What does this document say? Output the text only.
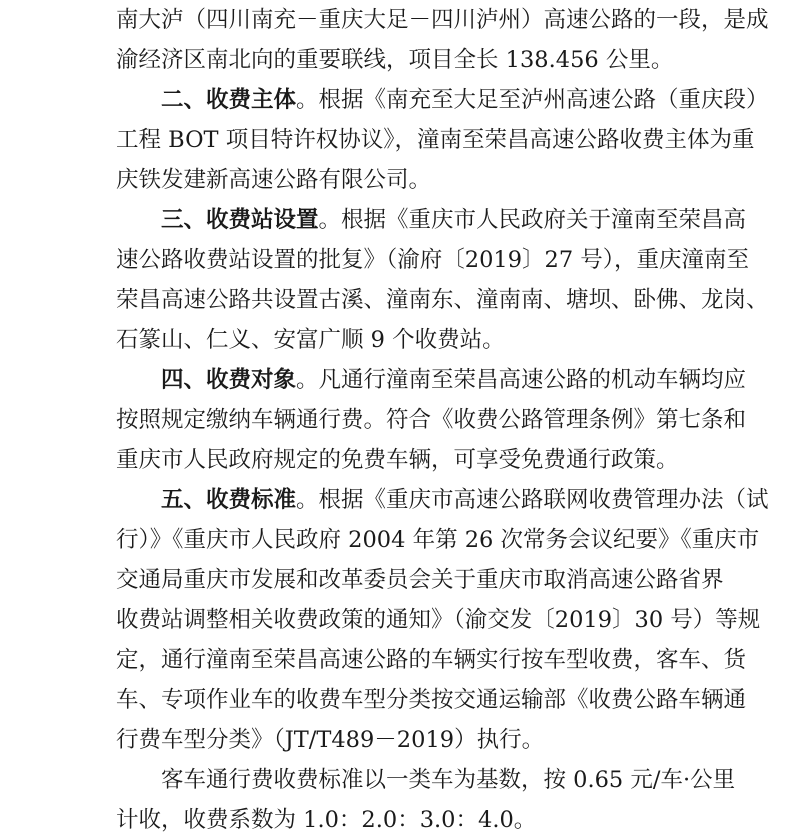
南大泸（四川南充－重庆大足－四川泸州）高速公路的一段，是成
渝经济区南北向的重要联线，项目全长 138.456 公里。
二、收费主体。根据《南充至大足至泸州高速公路（重庆段）
工程 BOT 项目特许权协议》，潼南至荣昌高速公路收费主体为重
庆铁发建新高速公路有限公司。
三、收费站设置。根据《重庆市人民政府关于潼南至荣昌高
速公路收费站设置的批复》（渝府〔2019〕27 号），重庆潼南至
荣昌高速公路共设置古溪、潼南东、潼南南、塘坝、卧佛、龙岗、
石篆山、仁义、安富广顺 9 个收费站。
四、收费对象。凡通行潼南至荣昌高速公路的机动车辆均应
按照规定缴纳车辆通行费。符合《收费公路管理条例》第七条和
重庆市人民政府规定的免费车辆，可享受免费通行政策。
五、收费标准。根据《重庆市高速公路联网收费管理办法（试
行）》《重庆市人民政府 2004 年第 26 次常务会议纪要》《重庆市
交通局重庆市发展和改革委员会关于重庆市取消高速公路省界
收费站调整相关收费政策的通知》（渝交发〔2019〕30 号）等规
定，通行潼南至荣昌高速公路的车辆实行按车型收费，客车、货
车、专项作业车的收费车型分类按交通运输部《收费公路车辆通
行费车型分类》（JT/T489－2019）执行。
客车通行费收费标准以一类车为基数，按 0.65 元/车·公里
计收，收费系数为 1.0：2.0：3.0：4.0。
